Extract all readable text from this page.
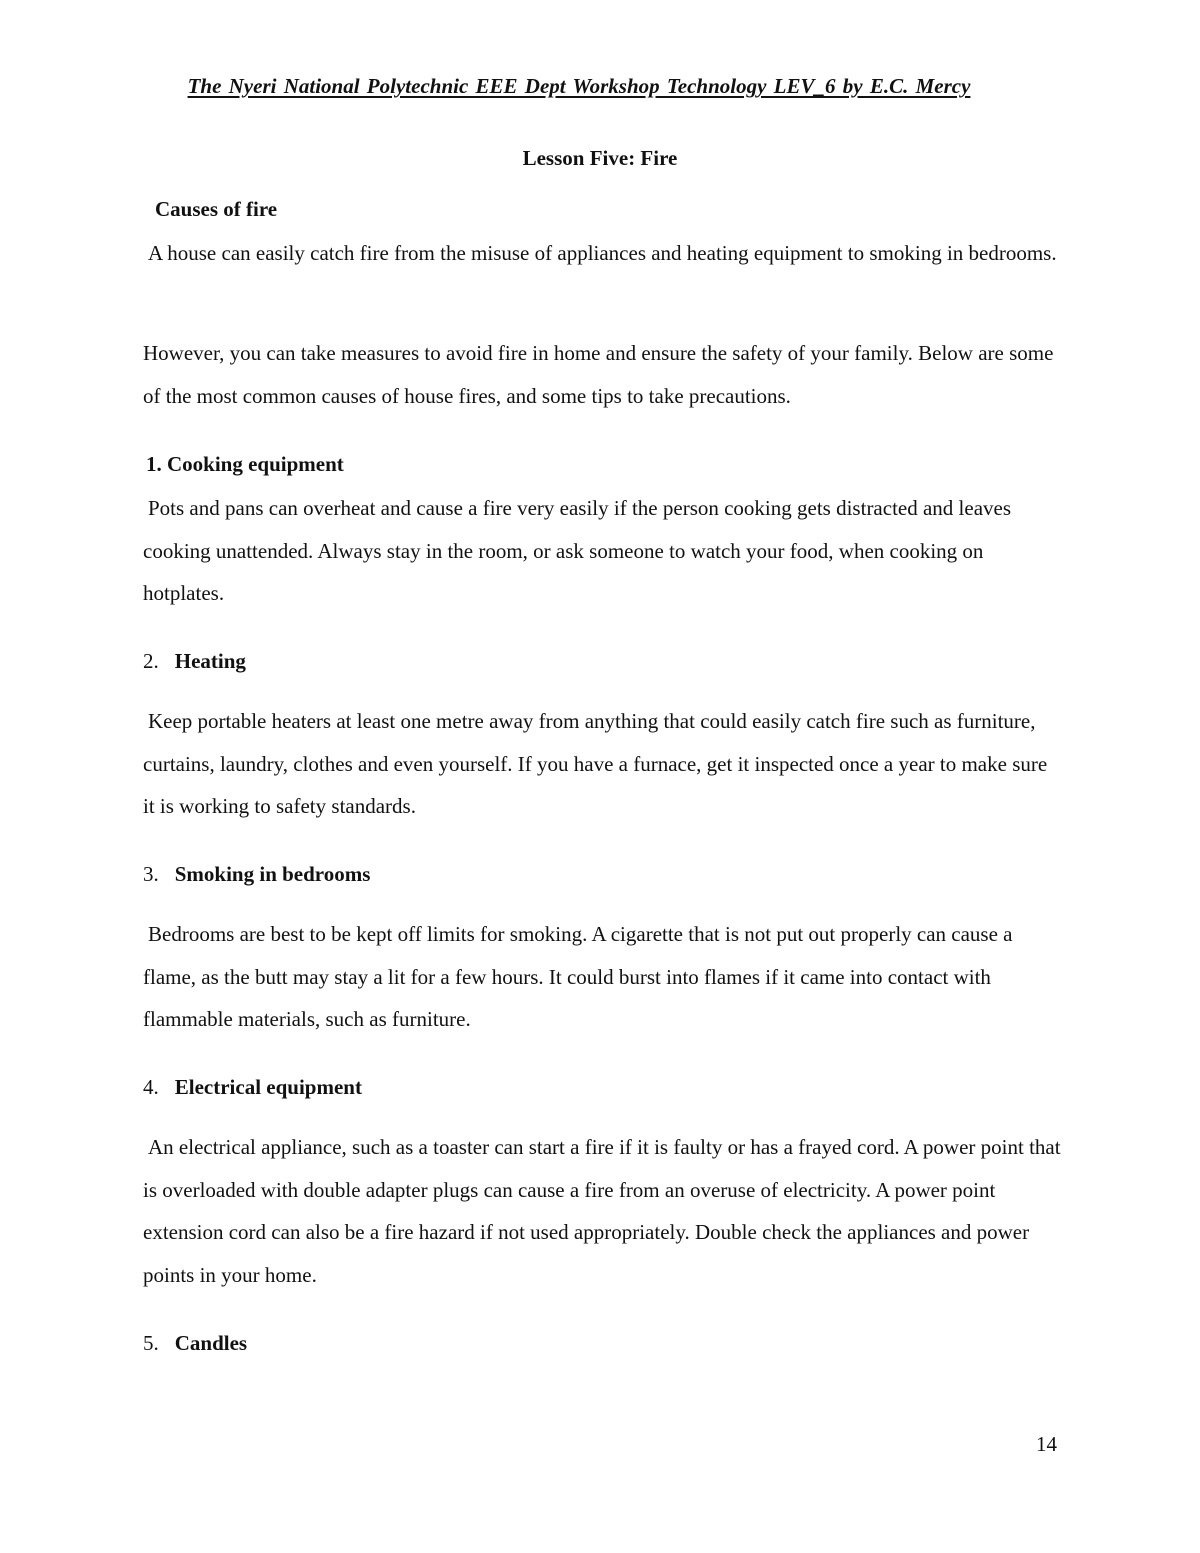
The Nyeri National Polytechnic EEE Dept Workshop Technology LEV_6 by E.C. Mercy
Lesson Five: Fire
Causes of fire
A house can easily catch fire from the misuse of appliances and heating equipment to smoking in bedrooms.
However, you can take measures to avoid fire in home and ensure the safety of your family. Below are some of the most common causes of house fires, and some tips to take precautions.
1. Cooking equipment
Pots and pans can overheat and cause a fire very easily if the person cooking gets distracted and leaves cooking unattended. Always stay in the room, or ask someone to watch your food, when cooking on hotplates.
2. Heating
Keep portable heaters at least one metre away from anything that could easily catch fire such as furniture, curtains, laundry, clothes and even yourself. If you have a furnace, get it inspected once a year to make sure it is working to safety standards.
3. Smoking in bedrooms
Bedrooms are best to be kept off limits for smoking. A cigarette that is not put out properly can cause a flame, as the butt may stay a lit for a few hours. It could burst into flames if it came into contact with flammable materials, such as furniture.
4. Electrical equipment
An electrical appliance, such as a toaster can start a fire if it is faulty or has a frayed cord. A power point that is overloaded with double adapter plugs can cause a fire from an overuse of electricity. A power point extension cord can also be a fire hazard if not used appropriately. Double check the appliances and power points in your home.
5. Candles
14
